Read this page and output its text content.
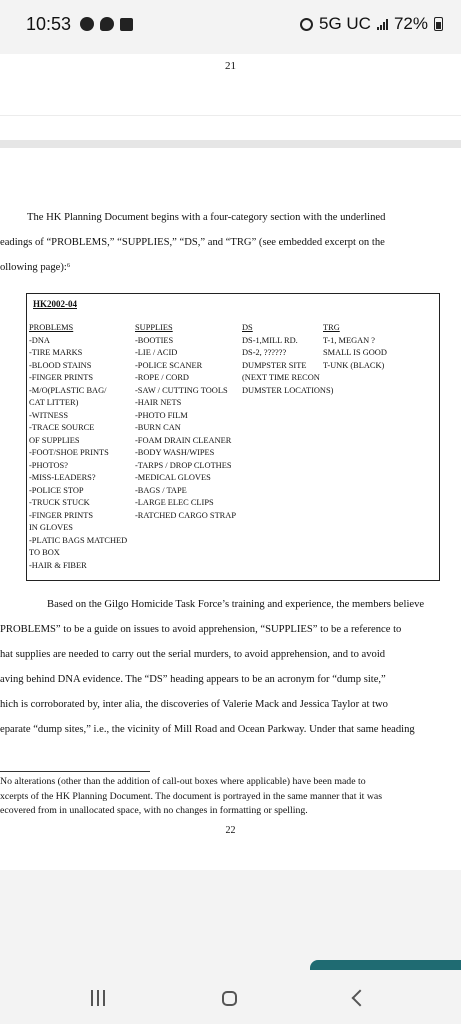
10:53	5G UC 72%
21
The HK Planning Document begins with a four-category section with the underlined
eadings of “PROBLEMS,” “SUPPLIES,” “DS,” and “TRG” (see embedded excerpt on the
ollowing page):⁶
HK2002-04
PROBLEMS
-DNA
-TIRE MARKS
-BLOOD STAINS
-FINGER PRINTS
-M/O(PLASTIC BAG/
CAT LITTER)
-WITNESS
-TRACE SOURCE
OF SUPPLIES
-FOOT/SHOE PRINTS
-PHOTOS?
-MISS-LEADERS?
-POLICE STOP
-TRUCK STUCK
-FINGER PRINTS
IN GLOVES
-PLATIC BAGS MATCHED
TO BOX
-HAIR & FIBER
SUPPLIES
-BOOTIES
-LIE / ACID
-POLICE SCANER
-ROPE / CORD
-SAW / CUTTING TOOLS
-HAIR NETS
-PHOTO FILM
-BURN CAN
-FOAM DRAIN CLEANER
-BODY WASH/WIPES
-TARPS / DROP CLOTHES
-MEDICAL GLOVES
-BAGS / TAPE
-LARGE ELEC CLIPS
-RATCHED CARGO STRAP
DS
DS-1,MILL RD.
DS-2, ??????
DUMPSTER SITE
(NEXT TIME RECON
DUMSTER LOCATIONS)
TRG
T-1, MEGAN ?
SMALL IS GOOD
T-UNK (BLACK)
Based on the Gilgo Homicide Task Force’s training and experience, the members believe
PROBLEMS” to be a guide on issues to avoid apprehension, “SUPPLIES” to be a reference to
hat supplies are needed to carry out the serial murders, to avoid apprehension, and to avoid
aving behind DNA evidence. The “DS” heading appears to be an acronym for “dump site,”
hich is corroborated by, inter alia, the discoveries of Valerie Mack and Jessica Taylor at two
eparate “dump sites,” i.e., the vicinity of Mill Road and Ocean Parkway. Under that same heading
No alterations (other than the addition of call-out boxes where applicable) have been made to
xcerpts of the HK Planning Document. The document is portrayed in the same manner that it was
ecovered from in unallocated space, with no changes in formatting or spelling.
22
